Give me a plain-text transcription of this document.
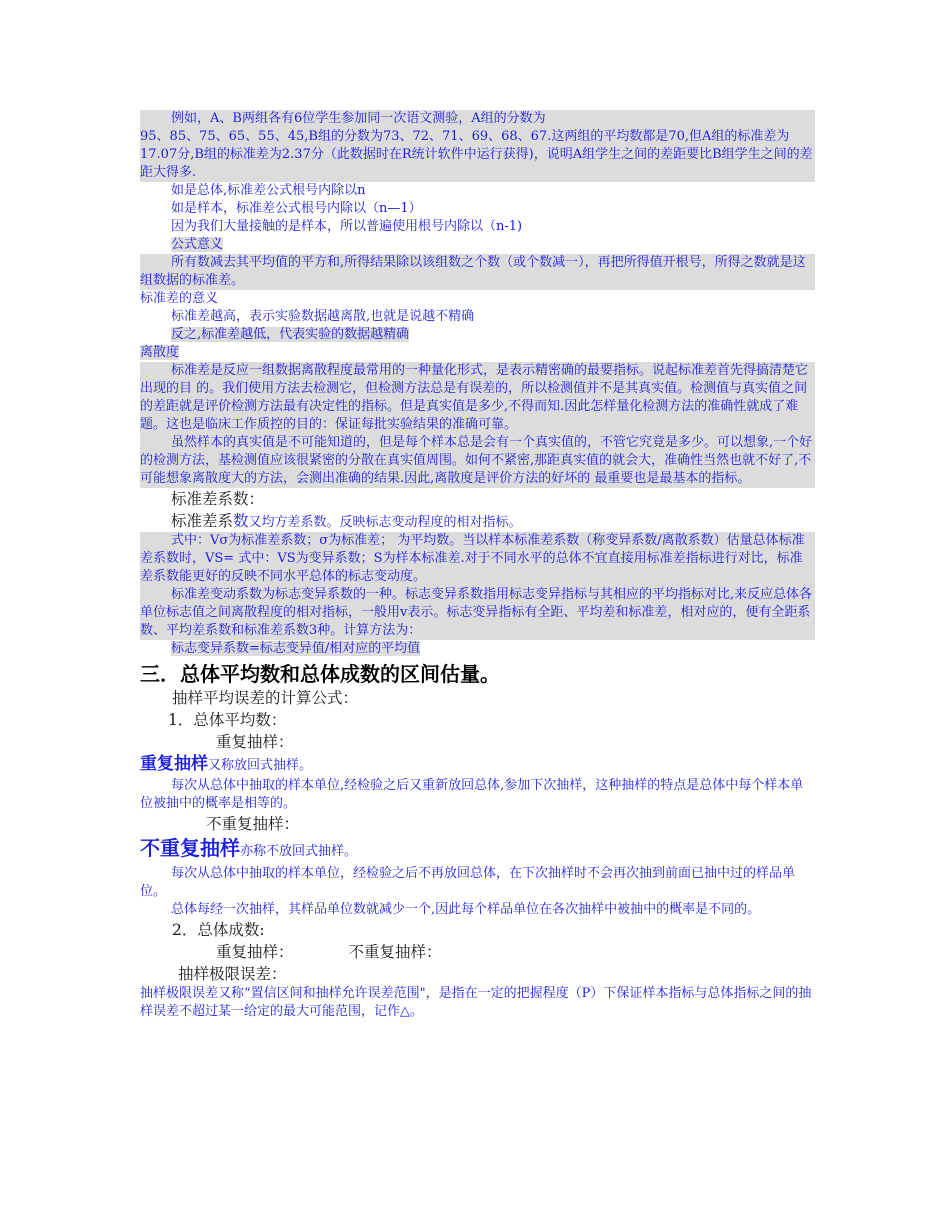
例如，A、B两组各有6位学生参加同一次语文测验，A组的分数为

95、85、75、65、55、45,B组的分数为73、72、71、69、68、67.这两组的平均数都是70,但A组的标准差为17.07分,B组的标准差为2.37分（此数据时在R统计软件中运行获得)，说明A组学生之间的差距要比B组学生之间的差距大得多.

如是总体,标准差公式根号内除以n

如是样本，标准差公式根号内除以（n—1）

因为我们大量接触的是样本，所以普遍使用根号内除以（n-1)

公式意义

所有数减去其平均值的平方和,所得结果除以该组数之个数（或个数减一），再把所得值开根号，所得之数就是这组数据的标准差。

标准差的意义

标准差越高，表示实验数据越离散,也就是说越不精确

反之,标准差越低，代表实验的数据越精确

离散度

标准差是反应一组数据离散程度最常用的一种量化形式，是表示精密确的最要指标。说起标准差首先得搞清楚它出现的目 的。我们使用方法去检测它，但检测方法总是有误差的，所以检测值并不是其真实值。检测值与真实值之间的差距就是评价检测方法最有决定性的指标。但是真实值是多少,不得而知.因此怎样量化检测方法的准确性就成了难题。这也是临床工作质控的目的：保证每批实验结果的准确可靠。

虽然样本的真实值是不可能知道的，但是每个样本总是会有一个真实值的，不管它究竟是多少。可以想象,一个好的检测方法，基检测值应该很紧密的分散在真实值周围。如何不紧密,那距真实值的就会大，准确性当然也就不好了,不可能想象离散度大的方法，会测出准确的结果.因此,离散度是评价方法的好坏的 最重要也是最基本的指标。

标准差系数：

标准差系数又均方差系数。反映标志变动程度的相对指标。

式中：Vσ为标准差系数；σ为标准差； 为平均数。当以样本标准差系数（称变异系数/离散系数）估量总体标准差系数时，VS= 式中：VS为变异系数；S为样本标准差.对于不同水平的总体不宜直接用标准差指标进行对比，标准差系数能更好的反映不同水平总体的标志变动度。

标准差变动系数为标志变异系数的一种。标志变异系数指用标志变异指标与其相应的平均指标对比,来反应总体各单位标志值之间离散程度的相对指标，一般用v表示。标志变异指标有全距、平均差和标准差，相对应的，便有全距系数、平均差系数和标准差系数3种。计算方法为：

标志变异系数=标志变异值/相对应的平均值

三．总体平均数和总体成数的区间估量。

抽样平均误差的计算公式：

1．总体平均数：

重复抽样：

重复抽样又称放回式抽样。

每次从总体中抽取的样本单位,经检验之后又重新放回总体,参加下次抽样，这种抽样的特点是总体中每个样本单位被抽中的概率是相等的。

不重复抽样：

不重复抽样亦称不放回式抽样。

每次从总体中抽取的样本单位，经检验之后不再放回总体，在下次抽样时不会再次抽到前面已抽中过的样品单位。

总体每经一次抽样，其样品单位数就减少一个,因此每个样品单位在各次抽样中被抽中的概率是不同的。

2．总体成数:

重复抽样：	不重复抽样：

抽样极限误差：

抽样极限误差又称“置信区间和抽样允许误差范围"，是指在一定的把握程度（P）下保证样本指标与总体指标之间的抽样误差不超过某一给定的最大可能范围，记作△。
